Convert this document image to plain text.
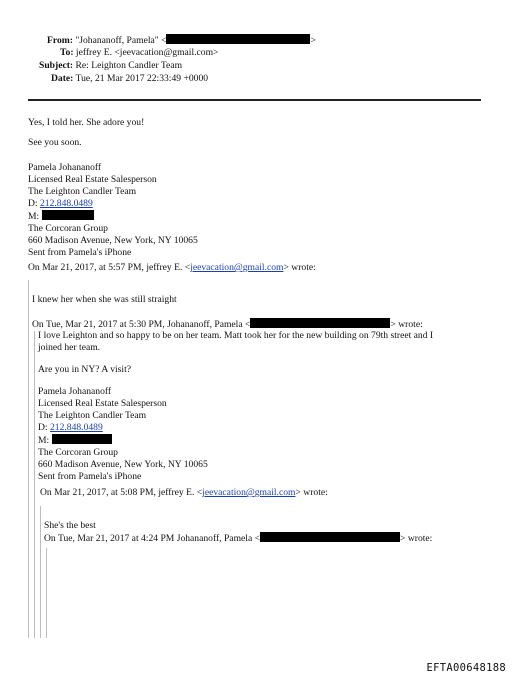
From: "Johananoff, Pamela" <	>
To: jeffrey E. <jeevacation@gmail.com>
Subject: Re: Leighton Candler Team
Date: Tue, 21 Mar 2017 22:33:49 +0000
Yes, I told her. She adore you!
See you soon.
Pamela Johananoff
Licensed Real Estate Salesperson
The Leighton Candler Team
D: 212.848.0489
M:
The Corcoran Group
660 Madison Avenue, New York, NY 10065
Sent from Pamela's iPhone
On Mar 21, 2017, at 5:57 PM, jeffrey E. <jeevacation@gmail.com> wrote:
I knew her when she was still straight
On Tue, Mar 21, 2017 at 5:30 PM, Johananoff, Pamela <	> wrote:
I love Leighton and so happy to be on her team. Matt took her for the new building on 79th street and I
joined her team.
Are you in NY? A visit?
Pamela Johananoff
Licensed Real Estate Salesperson
The Leighton Candler Team
D: 212.848.0489
M:
The Corcoran Group
660 Madison Avenue, New York, NY 10065
Sent from Pamela's iPhone
On Mar 21, 2017, at 5:08 PM, jeffrey E. <jeevacation@gmail.com> wrote:
She's the best
On Tue, Mar 21, 2017 at 4:24 PM Johananoff, Pamela <	> wrote:
EFTA00648188
